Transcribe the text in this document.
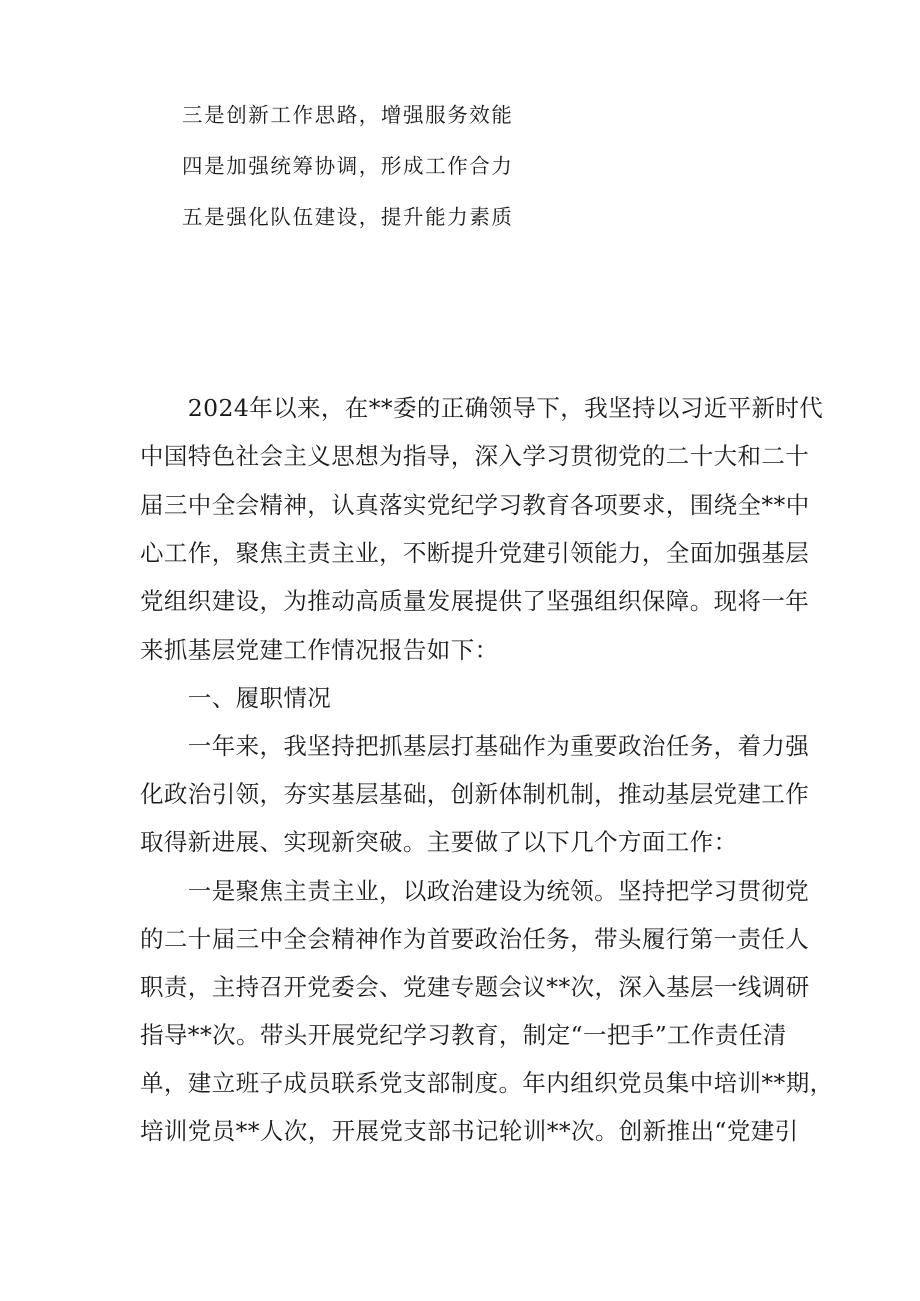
三是创新工作思路，增强服务效能
四是加强统筹协调，形成工作合力
五是强化队伍建设，提升能力素质
　　2024年以来，在**委的正确领导下，我坚持以习近平新时代
中国特色社会主义思想为指导，深入学习贯彻党的二十大和二十
届三中全会精神，认真落实党纪学习教育各项要求，围绕全**中
心工作，聚焦主责主业，不断提升党建引领能力，全面加强基层
党组织建设，为推动高质量发展提供了坚强组织保障。现将一年
来抓基层党建工作情况报告如下：
　　一、履职情况
　　一年来，我坚持把抓基层打基础作为重要政治任务，着力强
化政治引领，夯实基层基础，创新体制机制，推动基层党建工作
取得新进展、实现新突破。主要做了以下几个方面工作：
　　一是聚焦主责主业，以政治建设为统领。坚持把学习贯彻党
的二十届三中全会精神作为首要政治任务，带头履行第一责任人
职责，主持召开党委会、党建专题会议**次，深入基层一线调研
指导**次。带头开展党纪学习教育，制定“一把手”工作责任清
单，建立班子成员联系党支部制度。年内组织党员集中培训**期，
培训党员**人次，开展党支部书记轮训**次。创新推出“党建引
